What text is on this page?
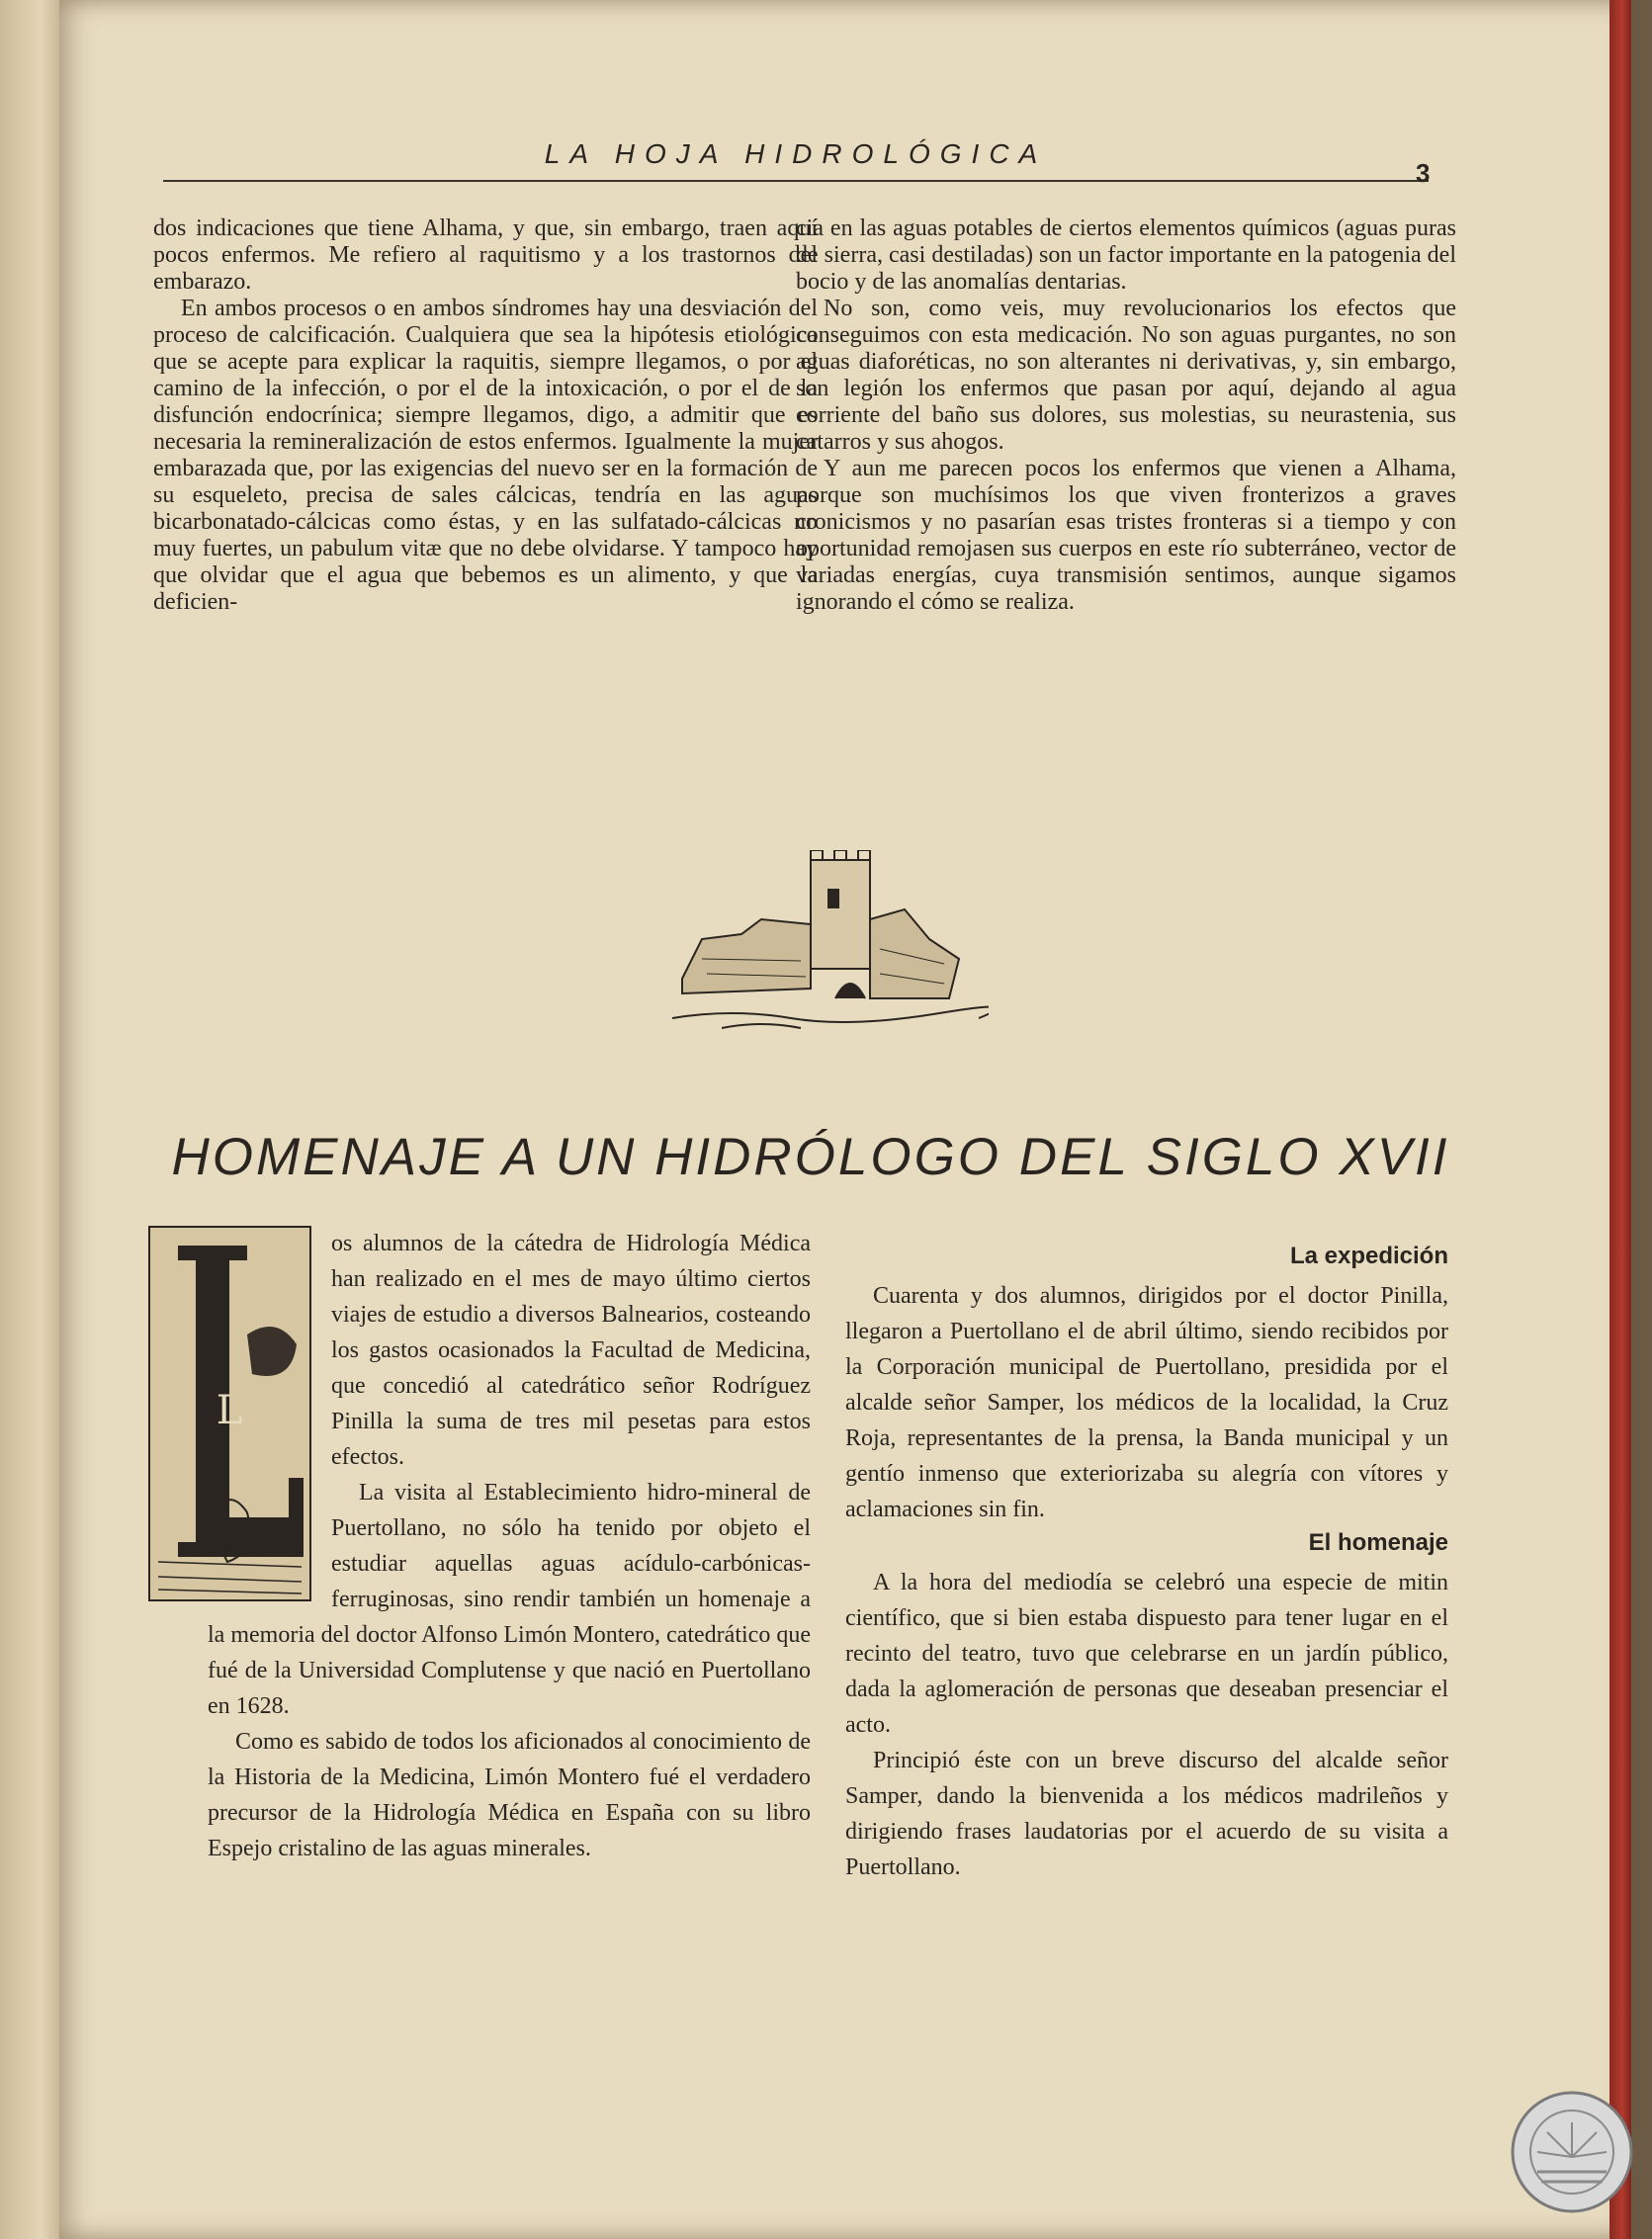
LA HOJA HIDROLÓGICA
3

dos indicaciones que tiene Alhama, y que, sin embargo, traen aquí pocos enfermos. Me refiero al raquitismo y a los trastornos del embarazo.

En ambos procesos o en ambos síndromes hay una desviación del proceso de calcificación. Cualquiera que sea la hipótesis etiológica que se acepte para explicar la raquitis, siempre llegamos, o por el camino de la infección, o por el de la intoxicación, o por el de la disfunción endocrínica; siempre llegamos, digo, a admitir que es necesaria la remineralización de estos enfermos. Igualmente la mujer embarazada que, por las exigencias del nuevo ser en la formación de su esqueleto, precisa de sales cálcicas, tendría en las aguas bicarbonatado-cálcicas como éstas, y en las sulfatado-cálcicas no muy fuertes, un pabulum vitæ que no debe olvidarse. Y tampoco hay que olvidar que el agua que bebemos es un alimento, y que la deficien-

cia en las aguas potables de ciertos elementos químicos (aguas puras de sierra, casi destiladas) son un factor importante en la patogenia del bocio y de las anomalías dentarias.

No son, como veis, muy revolucionarios los efectos que conseguimos con esta medicación. No son aguas purgantes, no son aguas diaforéticas, no son alterantes ni derivativas, y, sin embargo, son legión los enfermos que pasan por aquí, dejando al agua corriente del baño sus dolores, sus molestias, su neurastenia, sus catarros y sus ahogos.

Y aun me parecen pocos los enfermos que vienen a Alhama, porque son muchísimos los que viven fronterizos a graves cronicismos y no pasarían esas tristes fronteras si a tiempo y con oportunidad remojasen sus cuerpos en este río subterráneo, vector de variadas energías, cuya transmisión sentimos, aunque sigamos ignorando el cómo se realiza.

HOMENAJE A UN HIDRÓLOGO DEL SIGLO XVII
L

os alumnos de la cátedra de Hidrología Médica han realizado en el mes de mayo último ciertos viajes de estudio a diversos Balnearios, costeando los gastos ocasionados la Facultad de Medicina, que concedió al catedrático señor Rodríguez Pinilla la suma de tres mil pesetas para estos efectos.

La visita al Establecimiento hidro-mineral de Puertollano, no sólo ha tenido por objeto el estudiar aquellas aguas acídulo-carbónicas-ferruginosas, sino rendir también un homenaje a la memoria del doctor Alfonso Limón Montero, catedrático que fué de la Universidad Complutense y que nació en Puertollano en 1628.

Como es sabido de todos los aficionados al conocimiento de la Historia de la Medicina, Limón Montero fué el verdadero precursor de la Hidrología Médica en España con su libro Espejo cristalino de las aguas minerales.

La expedición

Cuarenta y dos alumnos, dirigidos por el doctor Pinilla, llegaron a Puertollano el de abril último, siendo recibidos por la Corporación municipal de Puertollano, presidida por el alcalde señor Samper, los médicos de la localidad, la Cruz Roja, representantes de la prensa, la Banda municipal y un gentío inmenso que exteriorizaba su alegría con vítores y aclamaciones sin fin.

El homenaje

A la hora del mediodía se celebró una especie de mitin científico, que si bien estaba dispuesto para tener lugar en el recinto del teatro, tuvo que celebrarse en un jardín público, dada la aglomeración de personas que deseaban presenciar el acto.

Principió éste con un breve discurso del alcalde señor Samper, dando la bienvenida a los médicos madrileños y dirigiendo frases laudatorias por el acuerdo de su visita a Puertollano.
